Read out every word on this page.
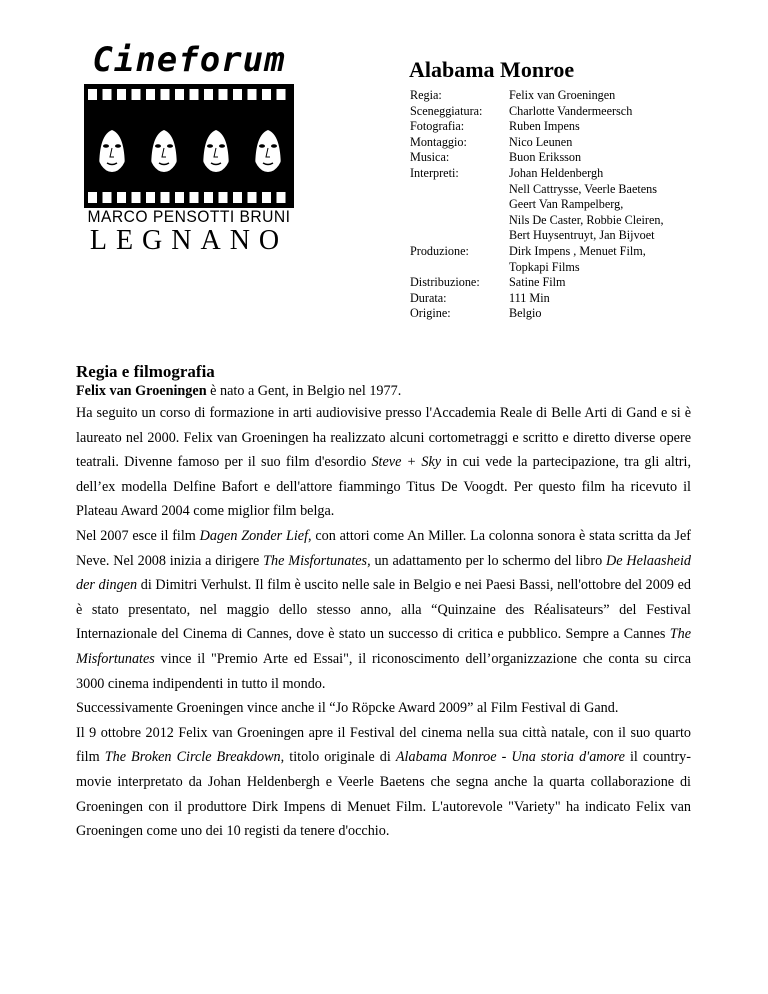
Cineforum
MARCO PENSOTTI BRUNI
LEGNANO
Alabama Monroe
Regia:	Felix van Groeningen
Sceneggiatura:	Charlotte Vandermeersch
Fotografia:	Ruben Impens
Montaggio:	Nico Leunen
Musica:	Buon Eriksson
Interpreti:	Johan Heldenbergh
Nell Cattrysse, Veerle Baetens
Geert Van Rampelberg,
Nils De Caster, Robbie Cleiren,
Bert Huysentruyt, Jan Bijvoet
Produzione:	Dirk Impens , Menuet Film,
Topkapi Films
Distribuzione:	Satine Film
Durata:	111 Min
Origine:	Belgio
Regia e filmografia

Felix van Groeningen è nato a Gent, in Belgio nel 1977.

Ha seguito un corso di formazione in arti audiovisive presso l'Accademia Reale di Belle Arti di Gand e si è laureato nel 2000. Felix van Groeningen ha realizzato alcuni cortometraggi e scritto e diretto diverse opere teatrali. Divenne famoso per il suo film d'esordio Steve + Sky in cui vede la partecipazione, tra gli altri, dell’ex modella Delfine Bafort e dell'attore fiammingo Titus De Voogdt. Per questo film ha ricevuto il Plateau Award 2004 come miglior film belga.

Nel 2007 esce il film Dagen Zonder Lief, con attori come An Miller. La colonna sonora è stata scritta da Jef Neve. Nel 2008 inizia a dirigere The Misfortunates, un adattamento per lo schermo del libro De Helaasheid der dingen di Dimitri Verhulst. Il film è uscito nelle sale in Belgio e nei Paesi Bassi, nell'ottobre del 2009 ed è stato presentato, nel maggio dello stesso anno, alla “Quinzaine des Réalisateurs” del Festival Internazionale del Cinema di Cannes, dove è stato un successo di critica e pubblico. Sempre a Cannes The Misfortunates vince il "Premio Arte ed Essai", il riconoscimento dell’organizzazione che conta su circa 3000 cinema indipendenti in tutto il mondo.

Successivamente Groeningen vince anche il “Jo Röpcke Award 2009” al Film Festival di Gand.

Il 9 ottobre 2012 Felix van Groeningen apre il Festival del cinema nella sua città natale, con il suo quarto film The Broken Circle Breakdown, titolo originale di Alabama Monroe - Una storia d'amore il country-movie interpretato da Johan Heldenbergh e Veerle Baetens che segna anche la quarta collaborazione di Groeningen con il produttore Dirk Impens di Menuet Film. L'autorevole "Variety" ha indicato Felix van Groeningen come uno dei 10 registi da tenere d'occhio.
